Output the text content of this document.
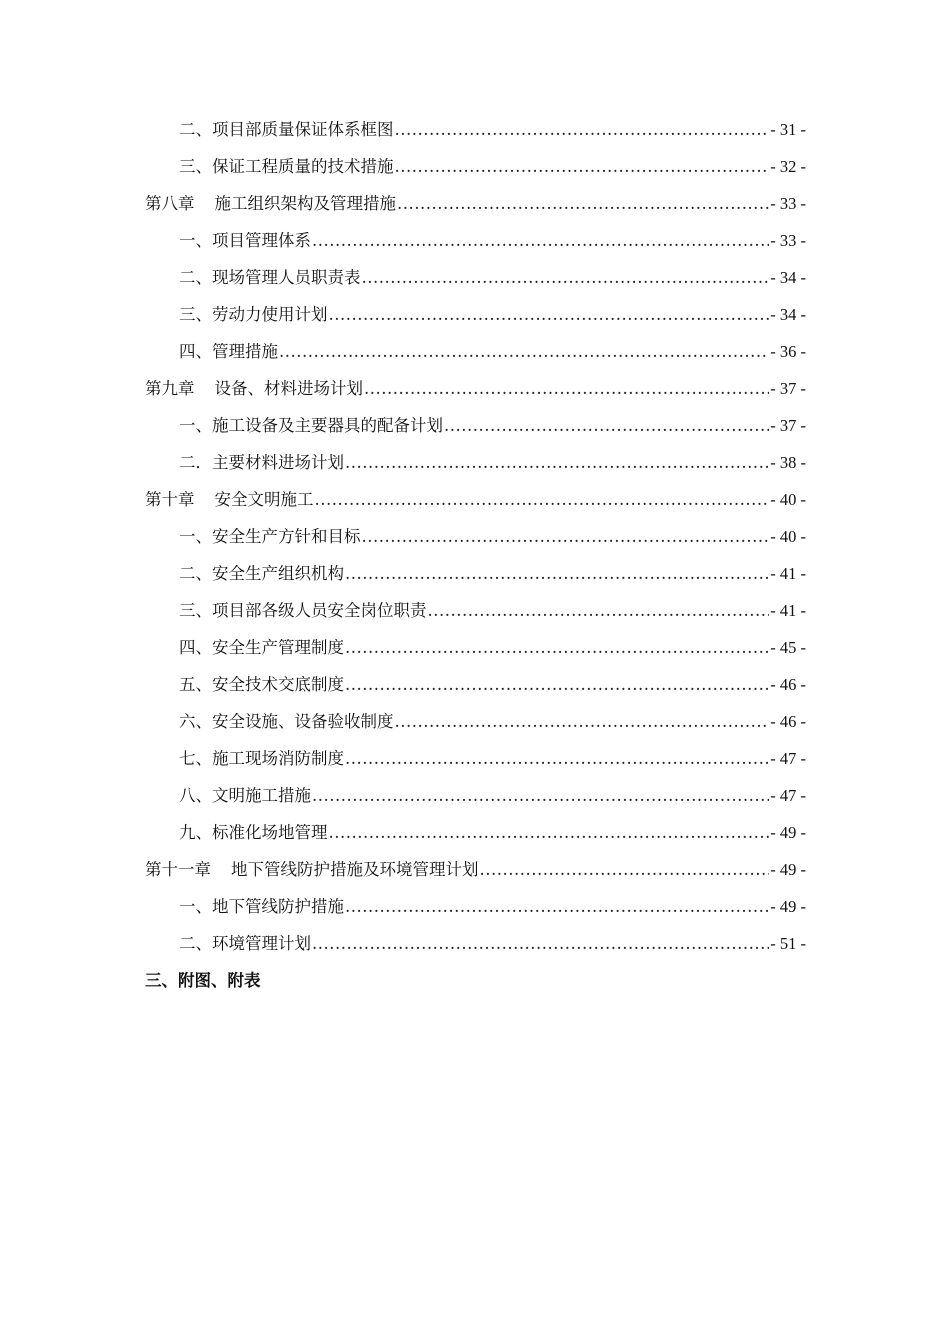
二、项目部质量保证体系框图 .....	- 31 -
三、保证工程质量的技术措施 .....	- 32 -
第八章 施工组织架构及管理措施 .....	- 33 -
一、项目管理体系 .....	- 33 -
二、现场管理人员职责表 .....	- 34 -
三、劳动力使用计划 .....	- 34 -
四、管理措施 .....	- 36 -
第九章 设备、材料进场计划 .....	- 37 -
一、施工设备及主要器具的配备计划 .....	- 37 -
二．主要材料进场计划 .....	- 38 -
第十章 安全文明施工 .....	- 40 -
一、安全生产方针和目标 .....	- 40 -
二、安全生产组织机构 .....	- 41 -
三、项目部各级人员安全岗位职责 .....	- 41 -
四、安全生产管理制度 .....	- 45 -
五、安全技术交底制度 .....	- 46 -
六、安全设施、设备验收制度 .....	- 46 -
七、施工现场消防制度 .....	- 47 -
八、文明施工措施 .....	- 47 -
九、标准化场地管理 .....	- 49 -
第十一章 地下管线防护措施及环境管理计划 .....	- 49 -
一、地下管线防护措施 .....	- 49 -
二、环境管理计划 .....	- 51 -
三、附图、附表
